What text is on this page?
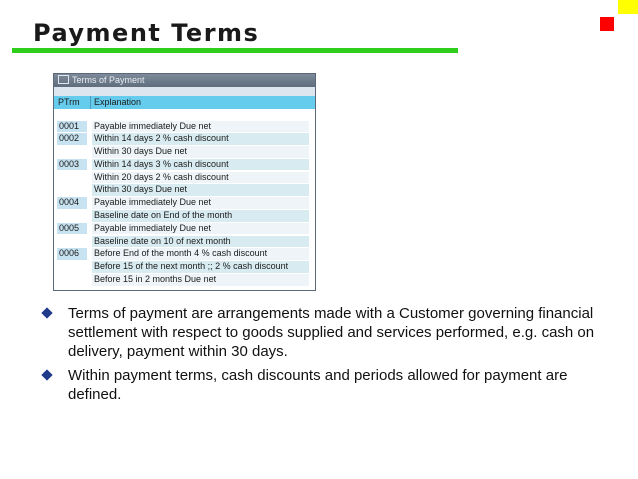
Payment Terms
Terms of Payment
PTrm Explanation
0001	Payable immediately Due net
0002	Within 14 days 2 % cash discount
Within 30 days Due net
0003	Within 14 days 3 % cash discount
Within 20 days 2 % cash discount
Within 30 days Due net
0004	Payable immediately Due net
Baseline date on End of the month
0005	Payable immediately Due net
Baseline date on 10 of next month
0006	Before End of the month 4 % cash discount
Before 15 of the next month ;; 2 % cash discount
Before 15 in 2 months Due net
Terms of payment are arrangements made with a Customer governing financial settlement with respect to goods supplied and services performed, e.g. cash on delivery, payment within 30 days.
Within payment terms, cash discounts and periods allowed for payment are defined.
